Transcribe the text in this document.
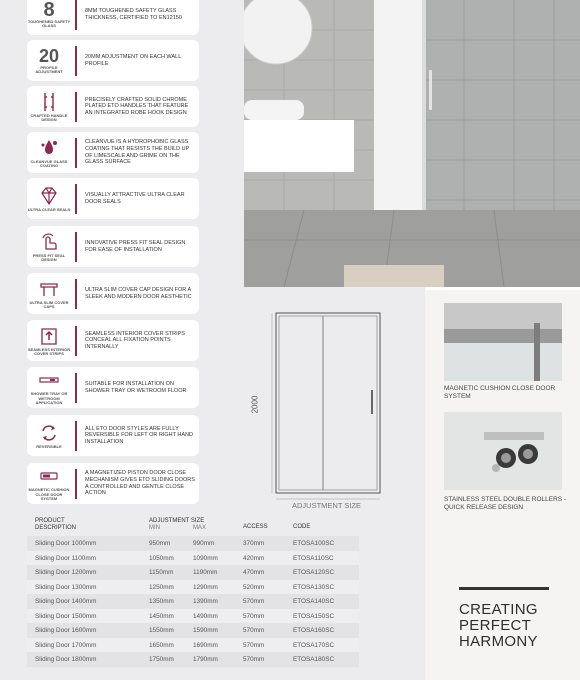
8
TOUGHENED SAFETY GLASS
8MM TOUGHENED SAFETY GLASS THICKNESS, CERTIFIED TO EN12150
20
PROFILE ADJUSTMENT
20MM ADJUSTMENT ON EACH WALL PROFILE
CRAFTED HANDLE DESIGN
PRECISELY CRAFTED SOLID CHROME PLATED ETO HANDLES THAT FEATURE AN INTEGRATED ROBE HOOK DESIGN
CLEANVUE GLASS COATING
CLEANVUE IS A HYDROPHOBIC GLASS COATING THAT RESISTS THE BUILD UP OF LIMESCALE AND GRIME ON THE GLASS SURFACE
ULTRA CLEAR SEALS
VISUALLY ATTRACTIVE ULTRA CLEAR DOOR SEALS
PRESS FIT SEAL DESIGN
INNOVATIVE PRESS FIT SEAL DESIGN FOR EASE OF INSTALLATION
ULTRA SLIM COVER CAPS
ULTRA SLIM COVER CAP DESIGN FOR A SLEEK AND MODERN DOOR AESTHETIC
SEAMLESS INTERIOR COVER STRIPS
SEAMLESS INTERIOR COVER STRIPS CONCEAL ALL FIXATION POINTS INTERNALLY
SHOWER TRAY OR WETROOM APPLICATION
SUITABLE FOR INSTALLATION ON SHOWER TRAY OR WETROOM FLOOR
REVERSIBLE
ALL ETO DOOR STYLES ARE FULLY REVERSIBLE FOR LEFT OR RIGHT HAND INSTALLATION
MAGNETIC CUSHION CLOSE DOOR SYSTEM
A MAGNETIZED PISTON DOOR CLOSE MECHANISM GIVES ETO SLIDING DOORS A CONTROLLED AND GENTLE CLOSE ACTION
2000
ADJUSTMENT SIZE
MAGNETIC CUSHION CLOSE DOOR SYSTEM
STAINLESS STEEL DOUBLE ROLLERS - QUICK RELEASE DESIGN
PRODUCT DESCRIPTION
ADJUSTMENT SIZE
MIN	MAX	ACCESS	CODE
Sliding Door 1000mm	950mm	990mm	370mm	ETOSA100SC
Sliding Door 1100mm	1050mm	1090mm	420mm	ETOSA110SC
Sliding Door 1200mm	1150mm	1190mm	470mm	ETOSA120SC
Sliding Door 1300mm	1250mm	1290mm	520mm	ETOSA130SC
Sliding Door 1400mm	1350mm	1390mm	570mm	ETOSA140SC
Sliding Door 1500mm	1450mm	1490mm	570mm	ETOSA150SC
Sliding Door 1600mm	1550mm	1590mm	570mm	ETOSA160SC
Sliding Door 1700mm	1650mm	1690mm	570mm	ETOSA170SC
Sliding Door 1800mm	1750mm	1790mm	570mm	ETOSA180SC
CREATING
PERFECT
HARMONY
